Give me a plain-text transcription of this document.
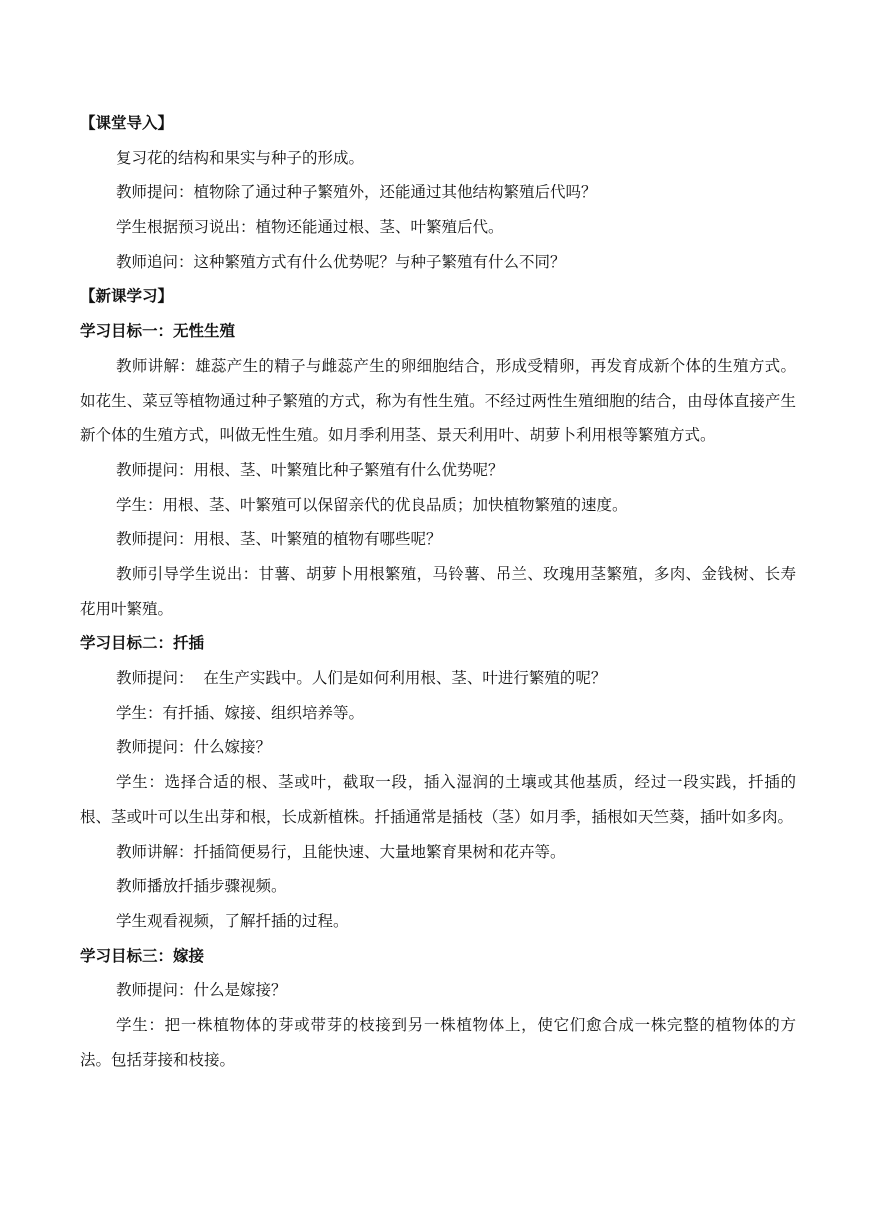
【课堂导入】
复习花的结构和果实与种子的形成。
教师提问：植物除了通过种子繁殖外，还能通过其他结构繁殖后代吗？
学生根据预习说出：植物还能通过根、茎、叶繁殖后代。
教师追问：这种繁殖方式有什么优势呢？与种子繁殖有什么不同？
【新课学习】
学习目标一：无性生殖
教师讲解：雄蕊产生的精子与雌蕊产生的卵细胞结合，形成受精卵，再发育成新个体的生殖方式。如花生、菜豆等植物通过种子繁殖的方式，称为有性生殖。不经过两性生殖细胞的结合，由母体直接产生新个体的生殖方式，叫做无性生殖。如月季利用茎、景天利用叶、胡萝卜利用根等繁殖方式。
教师提问：用根、茎、叶繁殖比种子繁殖有什么优势呢？
学生：用根、茎、叶繁殖可以保留亲代的优良品质；加快植物繁殖的速度。
教师提问：用根、茎、叶繁殖的植物有哪些呢？
教师引导学生说出：甘薯、胡萝卜用根繁殖，马铃薯、吊兰、玫瑰用茎繁殖，多肉、金钱树、长寿花用叶繁殖。
学习目标二：扦插
教师提问：  在生产实践中。人们是如何利用根、茎、叶进行繁殖的呢？
学生：有扦插、嫁接、组织培养等。
教师提问：什么嫁接？
学生：选择合适的根、茎或叶，截取一段，插入湿润的土壤或其他基质，经过一段实践，扦插的根、茎或叶可以生出芽和根，长成新植株。扦插通常是插枝（茎）如月季，插根如天竺葵，插叶如多肉。
教师讲解：扦插简便易行，且能快速、大量地繁育果树和花卉等。
教师播放扦插步骤视频。
学生观看视频，了解扦插的过程。
学习目标三：嫁接
教师提问：什么是嫁接？
学生：把一株植物体的芽或带芽的枝接到另一株植物体上，使它们愈合成一株完整的植物体的方法。包括芽接和枝接。
